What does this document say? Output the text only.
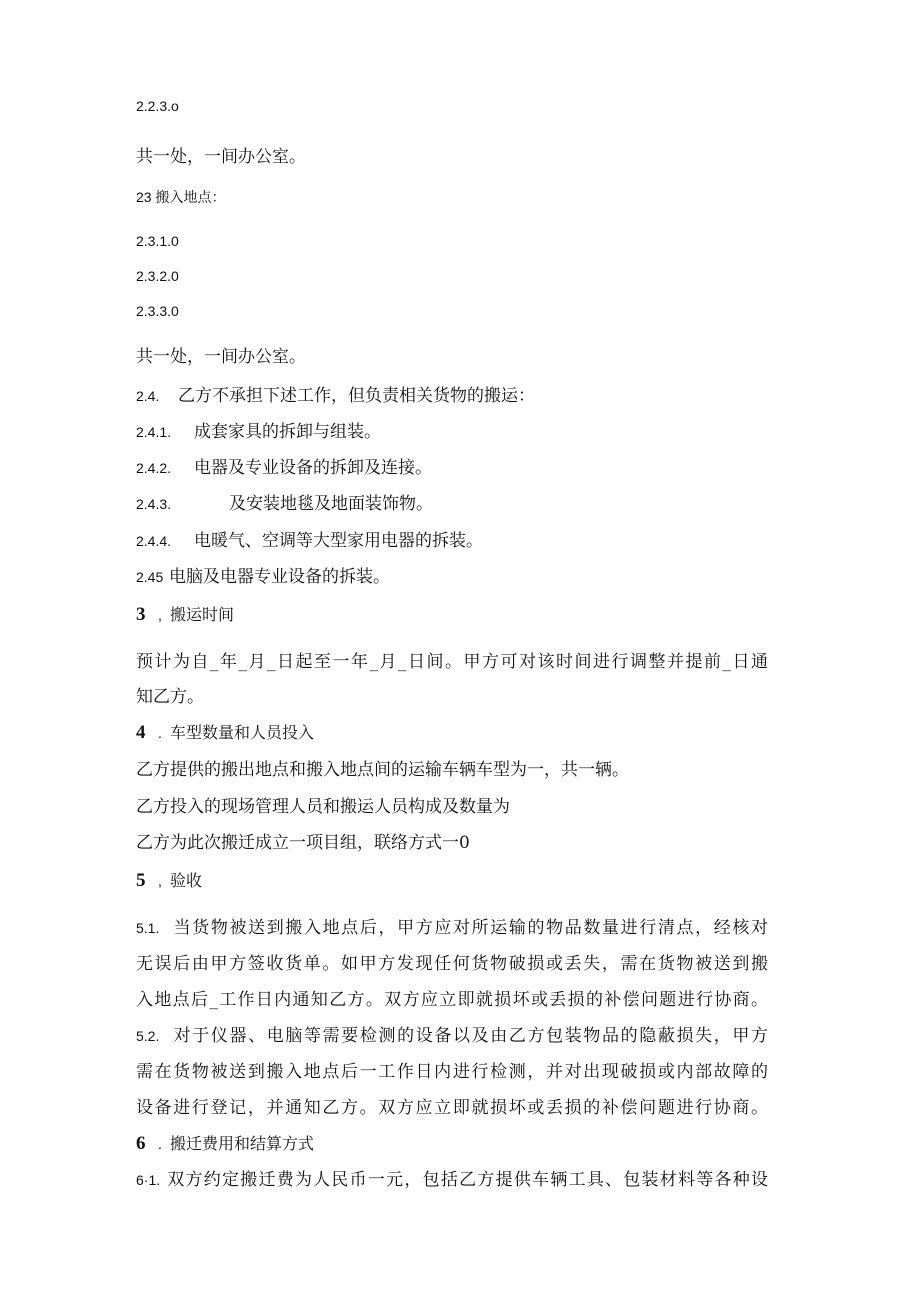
2.2.3.o
共一处，一间办公室。
23 搬入地点：
2.3.1.0
2.3.2.0
2.3.3.0
共一处，一间办公室。
2.4. 乙方不承担下述工作，但负责相关货物的搬运：
2.4.1. 成套家具的拆卸与组装。
2.4.2. 电器及专业设备的拆卸及连接。
2.4.3.	及安装地毯及地面装饰物。
2.4.4. 电暖气、空调等大型家用电器的拆装。
2.45 电脑及电器专业设备的拆装。
3 , 搬运时间
预计为自_年_月_日起至一年_月_日间。甲方可对该时间进行调整并提前_日通
知乙方。
4 . 车型数量和人员投入
乙方提供的搬出地点和搬入地点间的运输车辆车型为一，共一辆。
乙方投入的现场管理人员和搬运人员构成及数量为
乙方为此次搬迁成立一项目组，联络方式一0
5 , 验收
5.1. 当货物被送到搬入地点后，甲方应对所运输的物品数量进行清点，经核对
无误后由甲方签收货单。如甲方发现任何货物破损或丢失，需在货物被送到搬
入地点后_工作日内通知乙方。双方应立即就损坏或丢损的补偿问题进行协商。
5.2. 对于仪器、电脑等需要检测的设备以及由乙方包装物品的隐蔽损失，甲方
需在货物被送到搬入地点后一工作日内进行检测，并对出现破损或内部故障的
设备进行登记，并通知乙方。双方应立即就损坏或丢损的补偿问题进行协商。
6 . 搬迁费用和结算方式
6·1. 双方约定搬迁费为人民币一元，包括乙方提供车辆工具、包装材料等各种设
